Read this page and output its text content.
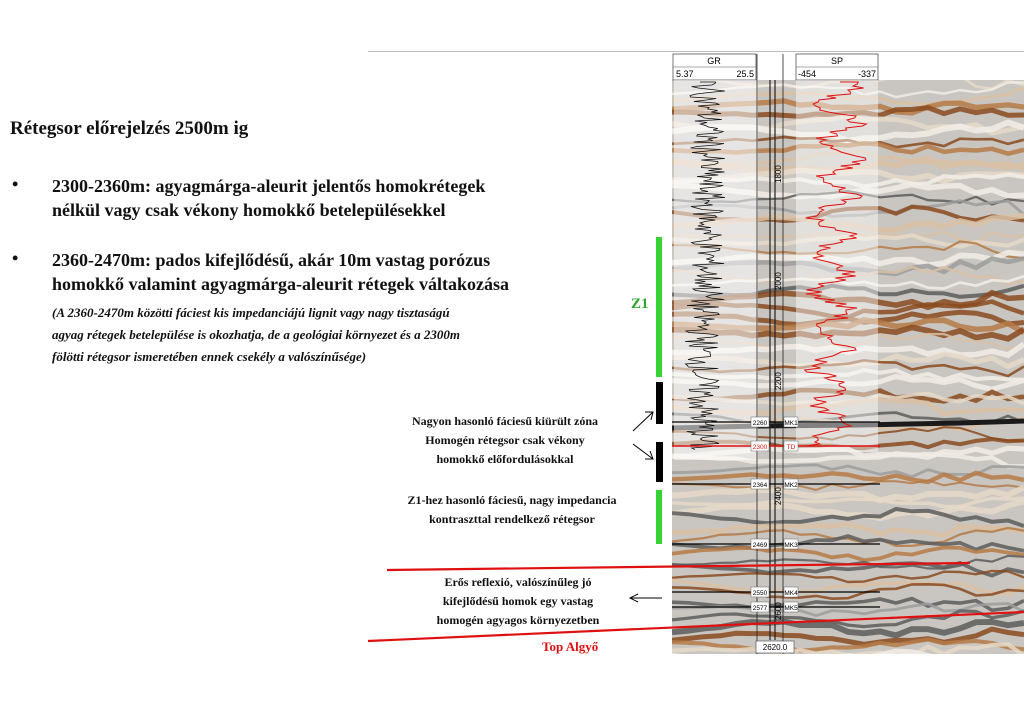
Rétegsor előrejelzés 2500m ig
• 2300-2360m: agyagmárga-aleurit jelentős homokrétegek
nélkül vagy csak vékony homokkő betelepülésekkel
• 2360-2470m: pados kifejlődésű, akár 10m vastag porózus
homokkő valamint agyagmárga-aleurit rétegek váltakozása
(A 2360-2470m közötti fáciest kis impedanciájú lignit vagy nagy tisztaságú
agyag rétegek betelepülése is okozhatja, de a geológiai környezet és a 2300m
fölötti rétegsor ismeretében ennek csekély a valószínűsége)
Nagyon hasonló fáciesű kiürült zóna
Homogén rétegsor csak vékony
homokkő előfordulásokkal
Z1-hez hasonló fáciesű, nagy impedancia
kontraszttal rendelkező rétegsor
Erős reflexió, valószínűleg jó
kifejlődésű homok egy vastag
homogén agyagos környezetben
Z1
Top Algyő
GR
5.37	25.5
SP
-454	-337
1800
2000
2200
2400
2600
2260	MK1
2300	TD
2364	MK2
2469	MK3
2550	MK4
2577	MK5
2620.0
